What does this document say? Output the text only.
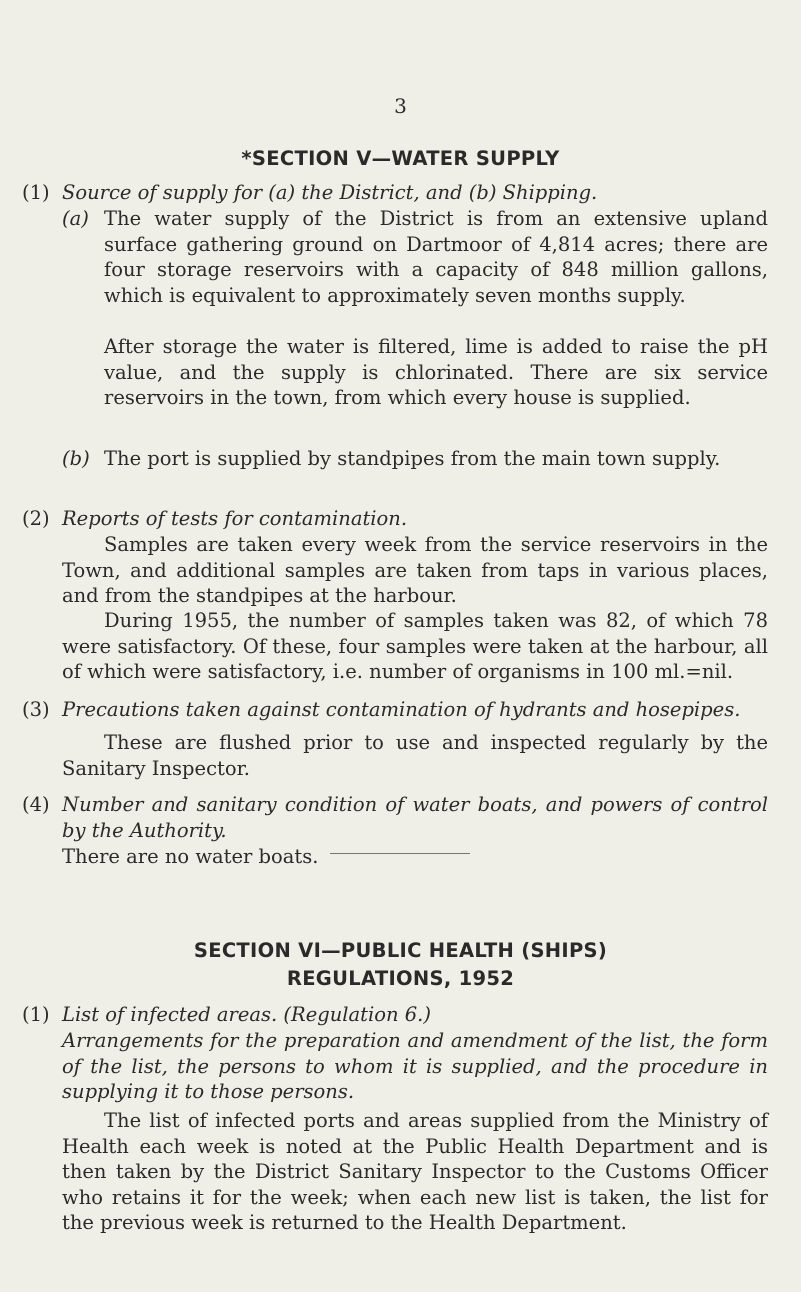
3
*SECTION V—WATER SUPPLY
(1) Source of supply for (a) the District, and (b) Shipping.
(a) The water supply of the District is from an extensive upland surface gathering ground on Dartmoor of 4,814 acres; there are four storage reservoirs with a capacity of 848 million gallons, which is equivalent to approximately seven months supply.
After storage the water is filtered, lime is added to raise the pH value, and the supply is chlorinated. There are six service reservoirs in the town, from which every house is supplied.
(b) The port is supplied by standpipes from the main town supply.
(2) Reports of tests for contamination.
Samples are taken every week from the service reservoirs in the Town, and additional samples are taken from taps in various places, and from the standpipes at the harbour.
During 1955, the number of samples taken was 82, of which 78 were satisfactory. Of these, four samples were taken at the harbour, all of which were satisfactory, i.e. number of organisms in 100 ml.=nil.
(3) Precautions taken against contamination of hydrants and hosepipes.
These are flushed prior to use and inspected regularly by the Sanitary Inspector.
(4) Number and sanitary condition of water boats, and powers of control by the Authority.
There are no water boats.
SECTION VI—PUBLIC HEALTH (SHIPS)
REGULATIONS, 1952
(1) List of infected areas. (Regulation 6.)
Arrangements for the preparation and amendment of the list, the form of the list, the persons to whom it is supplied, and the procedure in supplying it to those persons.
The list of infected ports and areas supplied from the Ministry of Health each week is noted at the Public Health Department and is then taken by the District Sanitary Inspector to the Customs Officer who retains it for the week; when each new list is taken, the list for the previous week is returned to the Health Department.
